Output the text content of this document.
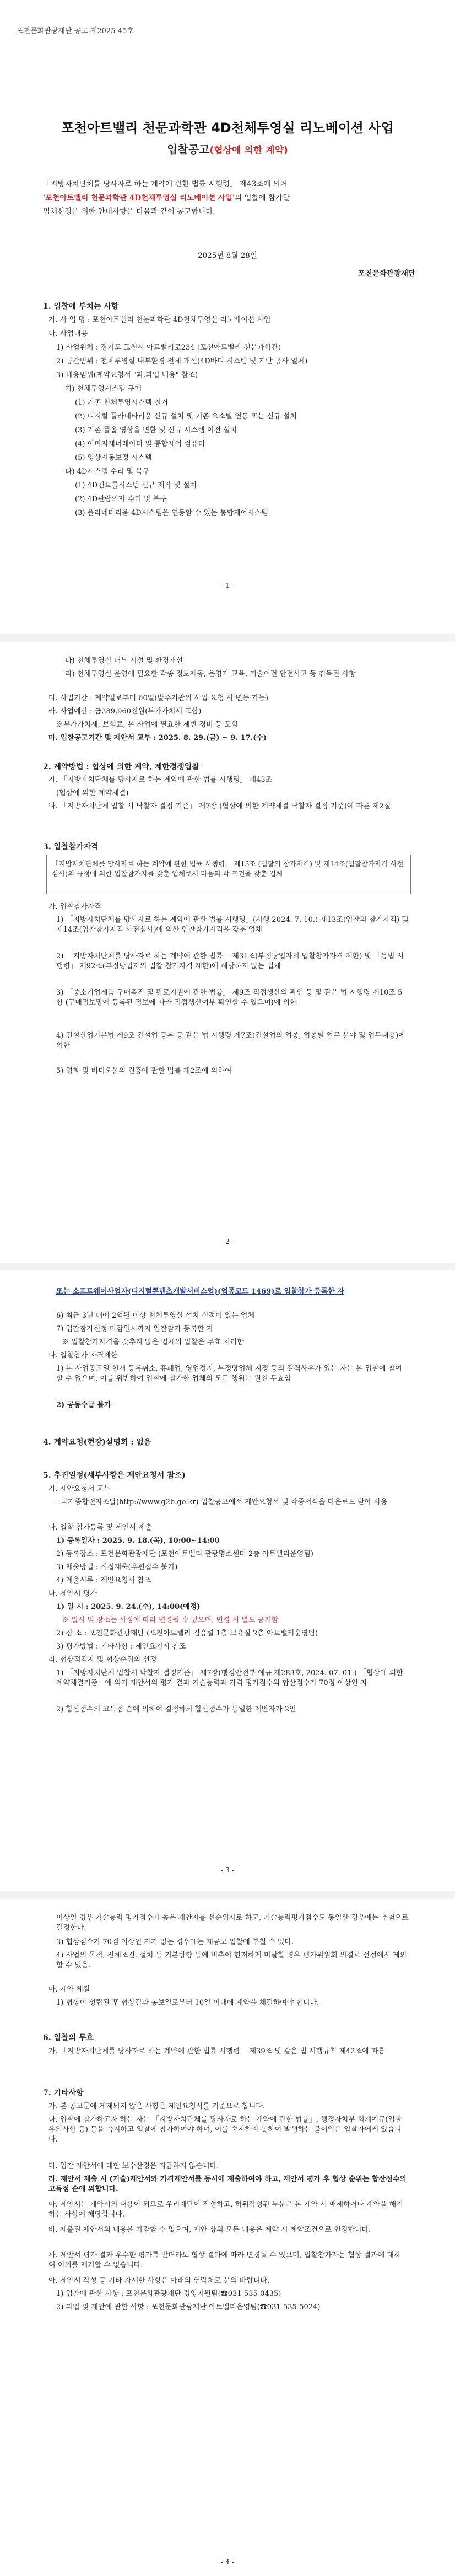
포천문화관광재단 공고 제2025-45호
포천아트밸리 천문과학관 4D천체투영실 리노베이션 사업
입찰공고(협상에 의한 계약)
「지방자치단체를 당사자로 하는 계약에 관한 법률 시행령」 제43조에 의거
'포천아트밸리 천문과학관 4D천체투영실 리노베이션 사업'의 입찰에 참가할
업체선정을 위한 안내사항을 다음과 같이 공고합니다.
2025년 8월 28일
포천문화관광재단
1. 입찰에 부치는 사항
가. 사 업 명 : 포천아트밸리 천문과학관 4D천체투영실 리노베이션 사업
나. 사업내용
1) 사업위치 : 경기도 포천시 아트밸리로234 (포천아트밸리 천문과학관)
2) 공간범위 : 천체투영실 내부환경 전체 개선(4D바디·시스템 및 기반 공사 일체)
3) 내용범위(계약요청서 "과.과업 내용" 참조)
가) 천체투영시스템 구매
(1) 기존 천체투영시스템 철거
(2) 디지털 플라네타리움 신규 설치 및 기존 요소별 연동 또는 신규 설치
(3) 기존 플옵 영상을 변환 및 신규 시스템 이전 설치
(4) 이미지제너레이터 및 통합제어 컴퓨터
(5) 영상자동보정 시스템
나) 4D시스템 수리 및 복구
(1) 4D컨트롤시스템 신규 제작 및 설치
(2) 4D관람의자 수리 및 복구
(3) 플라네타리움 4D시스템을 연동할 수 있는 통합제어시스템
- 1 -
다) 천체투영실 내부 시설 및 환경개선
라) 천체투영실 운영에 필요한 각종 정보제공, 운영자 교육, 기술이전 안전사고 등 취득된 사항
다. 사업기간 : 계약일로부터 60일(발주기관의 사업 요청 시 변동 가능)
라. 사업예산 : 금289,960천원(부가가치세 포함)
※부가가치세, 보험료, 본 사업에 필요한 제반 경비 등 포함
마. 입찰공고기간 및 제안서 교부 : 2025. 8. 29.(금) ~ 9. 17.(수)
2. 계약방법 : 협상에 의한 계약, 제한경쟁입찰
가. 「지방자치단체를 당사자로 하는 계약에 관한 법률 시행령」 제43조
(협상에 의한 계약체결)
나. 「지방자치단체 입찰 시 낙찰자 결정 기준」 제7장 (협상에 의한 계약체결 낙찰자 결정 기준)에 따른 제2절
3. 입찰참가자격
「지방자치단체를 당사자로 하는 계약에 관한 법률 시행령」 제13조 (입찰의 참가자격) 및 제14조(입찰참가자격 사전심사)의 규정에 의한 입찰참가자를 갖춘 업체로서 다음의 각 조건을 갖춘 업체
가. 입찰참가자격
1) 「지방자치단체를 당사자로 하는 계약에 관한 법률 시행령」(시행 2024. 7. 10.) 제13조(입찰의 참가자격) 및 제14조(입찰참가자격 사전심사)에 의한 입찰참가자격을 갖춘 업체
2) 「지방자치단체를 당사자로 하는 계약에 관한 법률」 제31조(부정당업자의 입찰참가자격 제한) 및 「동법 시행령」 제92조(부정당업자의 입찰 참가자격 제한)에 해당하지 않는 업체
3) 「중소기업제품 구매촉진 및 판로지원에 관한 법률」 제9조 직접생산의 확인 등 및 같은 법 시행령 제10조 5항 (구매정보망에 등록된 정보에 따라 직접생산여부 확인할 수 있으며)에 의한
4) 건설산업기본법 제9조 건설업 등록 등 같은 법 시행령 제7조(건설업의 업종, 업종별 업무 분야 및 업무내용)에 의한
5) 영화 및 비디오물의 진흥에 관한 법률 제2조에 의하여
- 2 -
또는 소프트웨어사업자(디지털콘텐츠개발서비스업)(업종코드 1469)로 입찰참가 등록한 자
6) 최근 3년 내에 2억원 이상 천체투영실 설치 실적이 있는 업체
7) 입찰참가신청 마감일시까지 입찰참가 등록한 자
※ 입찰참가자격을 갖추지 않은 업체의 입찰은 무효 처리함
나. 입찰참가 자격제한
1) 본 사업공고일 현재 등록취소, 휴폐업, 영업정지, 부정당업체 지정 등의 결격사유가 있는 자는 본 입찰에 참여할 수 없으며, 이를 위반하여 입찰에 참가한 업체의 모든 행위는 원천 무효임
2) 공동수급 불가
4. 계약요청(현장)설명회 : 없음
5. 추진일정(세부사항은 제안요청서 참조)
가. 제안요청서 교부
- 국가종합전자조달(http://www.g2b.go.kr) 입찰공고에서 제안요청서 및 각종서식을 다운로드 받아 사용
나. 입찰 참가등록 및 제안서 제출
1) 등록일자 : 2025. 9. 18.(목), 10:00~14:00
2) 등록장소 : 포천문화관광재단 (포천아트밸리 관광명소센터 2층 아트밸리운영팀)
3) 제출방법 : 직접제출(우편접수 불가)
4) 제출서류 : 제안요청서 참조
다. 제안서 평가
1) 일 시 : 2025. 9. 24.(수), 14:00(예정)
※ 일시 및 장소는 사정에 따라 변경될 수 있으며, 변경 시 별도 공지함
2) 장 소 : 포천문화관광재단 (포천아트밸리 김응렬 1층 교육실 2층 아트밸리운영팀)
3) 평가방법 : 기타사항 : 제안요청서 참조
라. 협상적격자 및 협상순위의 선정
1) 「지방자치단체 입찰시 낙찰자 결정기준」 제7장(행정안전부 예규 제283호, 2024. 07. 01.) 「협상에 의한 계약체결기준」에 의거 제안서의 평가 결과 기술능력과 가격 평가점수의 합산점수가 70점 이상인 자
2) 합산점수의 고득점 순에 의하여 결정하되 합산점수가 동일한 제안자가 2인
- 3 -
이상일 경우 기술능력 평가점수가 높은 제안자를 선순위자로 하고, 기술능력평가점수도 동일한 경우에는 추첨으로 결정한다.
3) 협상점수가 70점 이상인 자가 없는 경우에는 재공고 입찰에 부칠 수 있다.
4) 사업의 목적, 전체조건, 설치 등 기본방향 등에 비추어 현저하게 미달할 경우 평가위원회 의결로 선정에서 제외할 수 있음.
마. 계약 체결
1) 협상이 성립된 후 협상결과 통보일로부터 10일 이내에 계약을 체결하여야 합니다.
6. 입찰의 무효
가. 「지방자치단체를 당사자로 하는 계약에 관한 법률 시행령」 제39조 및 같은 법 시행규칙 제42조에 따름
7. 기타사항
가. 본 공고문에 게재되지 않은 사항은 제안요청서를 기준으로 합니다.
나. 입찰에 참가하고자 하는 자는 「지방자치단체를 당사자로 하는 계약에 관한 법률」, 행정자치부 회계예규(입찰유의사항 등) 등을 숙지하고 입찰에 참가하여야 하며, 이를 숙지하지 못하여 발생하는 불이익은 입찰자에게 있습니다.
다. 입찰 제안서에 대한 보수산정은 지급하지 않습니다.
라. 제안서 제출 시 (기술)제안서와 가격제안서를 동시에 제출하여야 하고, 제안서 평가 후 협상 순위는 합산점수의 고득점 순에 의합니다.
마. 제안서는 계약서의 내용이 되므로 우리재단이 작성하고, 허위작성된 부분은 본 계약 시 배제하거나 계약을 해지하는 사항에 해당합니다.
바. 제출된 제안서의 내용을 가감할 수 없으며, 제안 상의 모든 내용은 계약 시 계약조건으로 인정합니다.
사. 제안서 평가 결과 우수한 평가를 받더라도 협상 결과에 따라 변경될 수 있으며, 입찰참가자는 협상 결과에 대하여 이의를 제기할 수 없습니다.
아. 제안서 작성 등 기타 자세한 사항은 아래의 연락처로 문의 바랍니다.
1) 입찰에 관한 사항 : 포천문화관광재단 경영지원팀(☎031-535-0435)
2) 과업 및 제안에 관한 사항 : 포천문화관광재단 아트밸리운영팀(☎031-535-5024)
- 4 -
